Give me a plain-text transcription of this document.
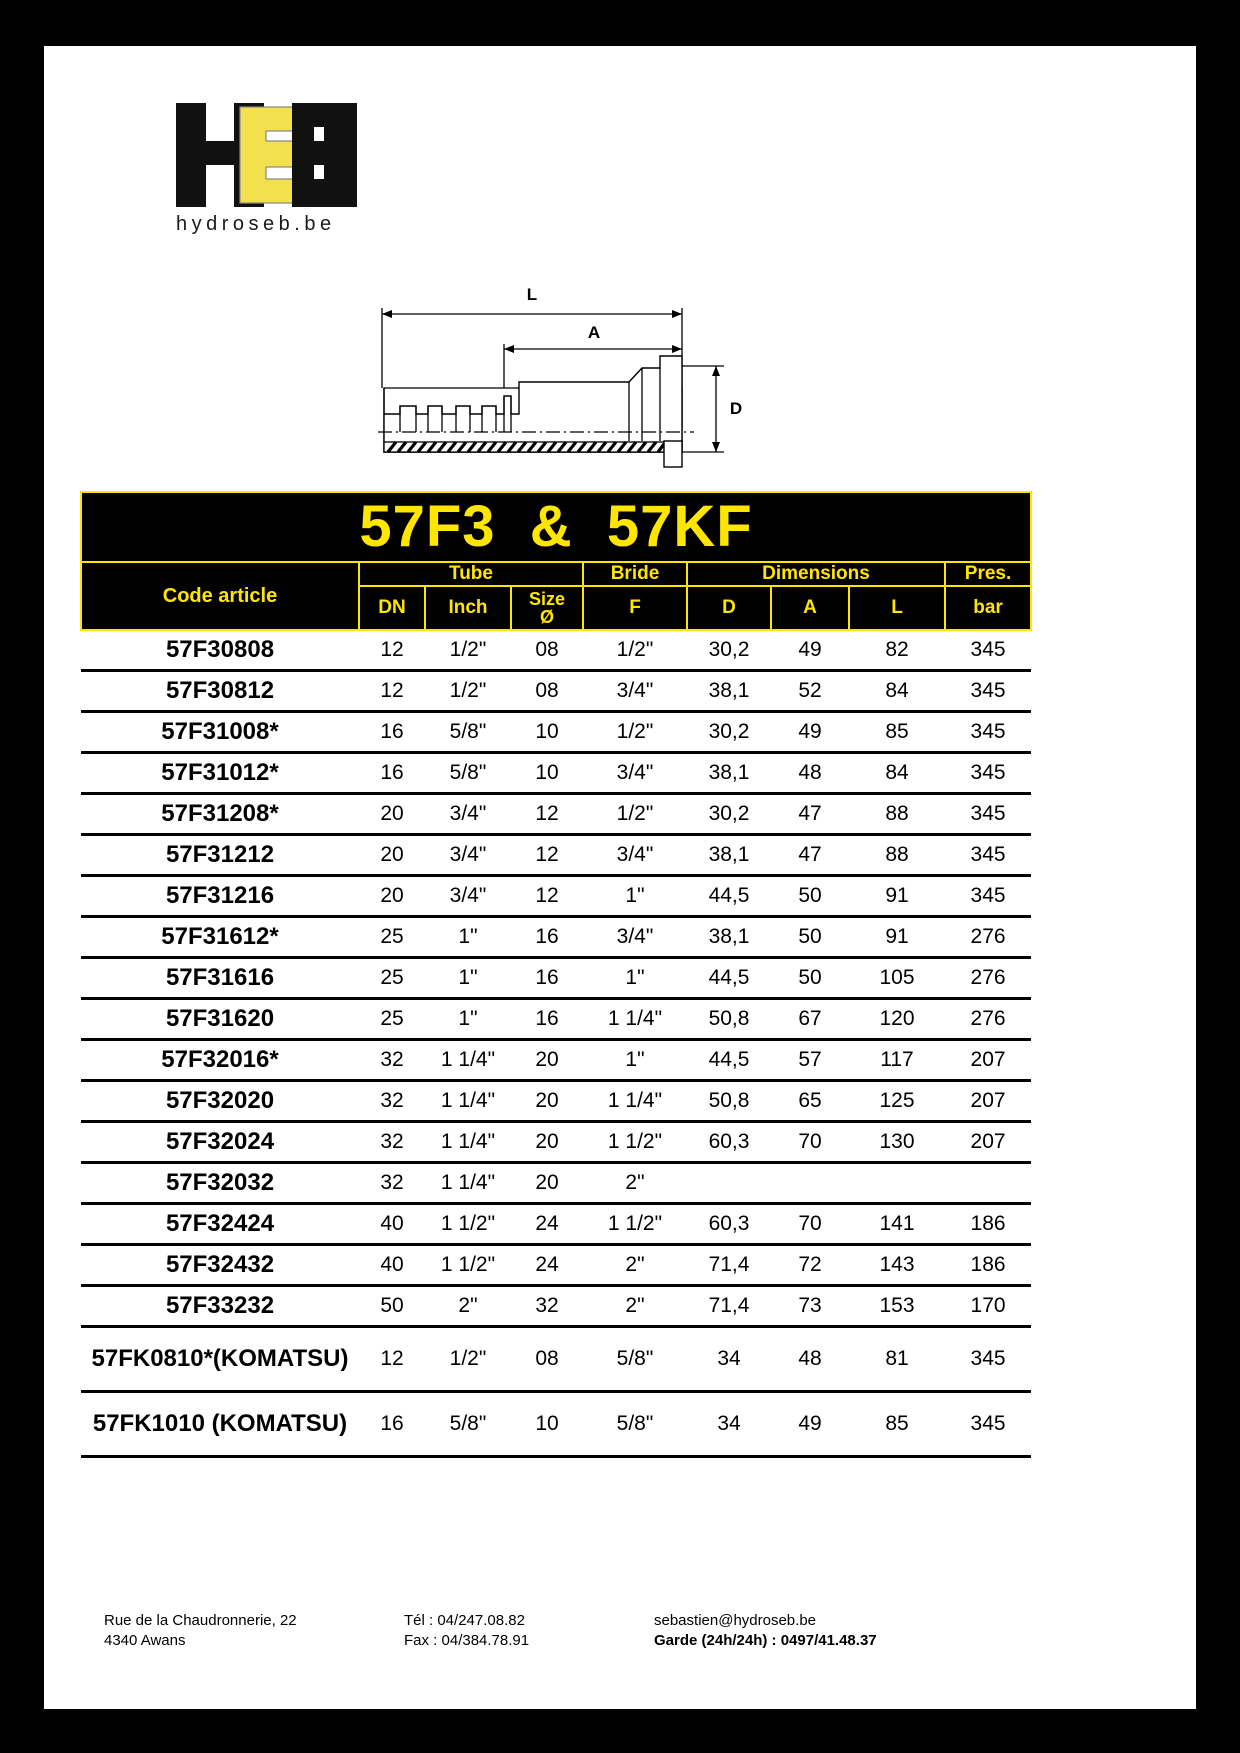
hydroseb.be
L
A
D
57F3  &  57KF								
Code article	Tube			Bride	Dimensions			Pres.
	DN	Inch	Size
Ø	F	D	A	L	bar
57F30808	12	1/2"	08	1/2"	30,2	49	82	345
57F30812	12	1/2"	08	3/4"	38,1	52	84	345
57F31008*	16	5/8"	10	1/2"	30,2	49	85	345
57F31012*	16	5/8"	10	3/4"	38,1	48	84	345
57F31208*	20	3/4"	12	1/2"	30,2	47	88	345
57F31212	20	3/4"	12	3/4"	38,1	47	88	345
57F31216	20	3/4"	12	1"	44,5	50	91	345
57F31612*	25	1"	16	3/4"	38,1	50	91	276
57F31616	25	1"	16	1"	44,5	50	105	276
57F31620	25	1"	16	1 1/4"	50,8	67	120	276
57F32016*	32	1 1/4"	20	1"	44,5	57	117	207
57F32020	32	1 1/4"	20	1 1/4"	50,8	65	125	207
57F32024	32	1 1/4"	20	1 1/2"	60,3	70	130	207
57F32032	32	1 1/4"	20	2"				
57F32424	40	1 1/2"	24	1 1/2"	60,3	70	141	186
57F32432	40	1 1/2"	24	2"	71,4	72	143	186
57F33232	50	2"	32	2"	71,4	73	153	170
57FK0810*(KOMATSU)	12	1/2"	08	5/8"	34	48	81	345
57FK1010 (KOMATSU)	16	5/8"	10	5/8"	34	49	85	345
Rue de la Chaudronnerie, 22
4340 Awans
Tél : 04/247.08.82
Fax : 04/384.78.91
sebastien@hydroseb.be
Garde (24h/24h) : 0497/41.48.37
